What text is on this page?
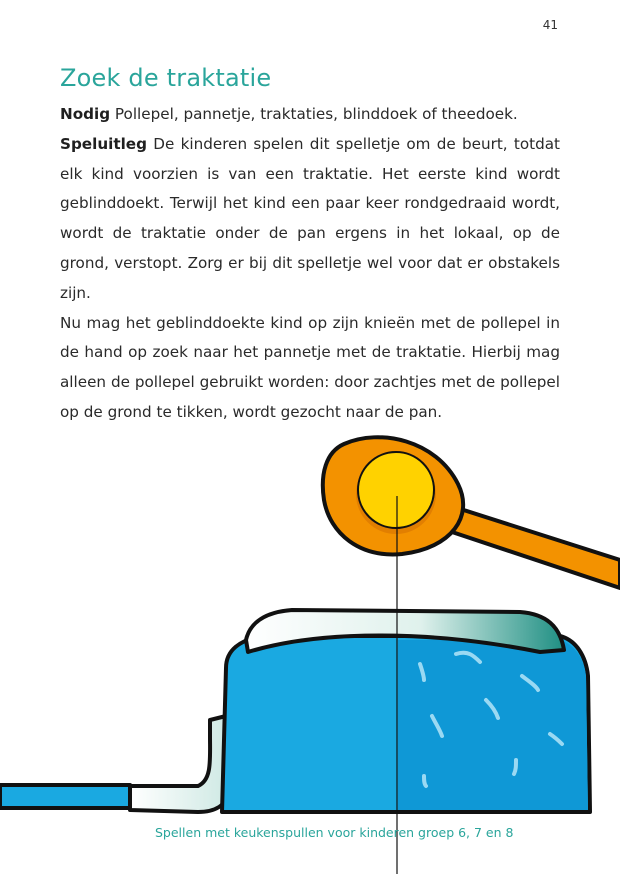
41
Zoek de traktatie

Nodig Pollepel, pannetje, traktaties, blinddoek of theedoek.

Speluitleg De kinderen spelen dit spelletje om de beurt, totdat elk kind voorzien is van een traktatie. Het eerste kind wordt geblinddoekt. Terwijl het kind een paar keer rondgedraaid wordt, wordt de traktatie onder de pan ergens in het lokaal, op de grond, verstopt. Zorg er bij dit spelletje wel voor dat er obstakels zijn.

Nu mag het geblinddoekte kind op zijn knieën met de pollepel in de hand op zoek naar het pannetje met de traktatie. Hierbij mag alleen de pollepel gebruikt worden: door zachtjes met de pollepel op de grond te tikken, wordt gezocht naar de pan.

Spellen met keukenspullen voor kinderen groep 6, 7 en 8
